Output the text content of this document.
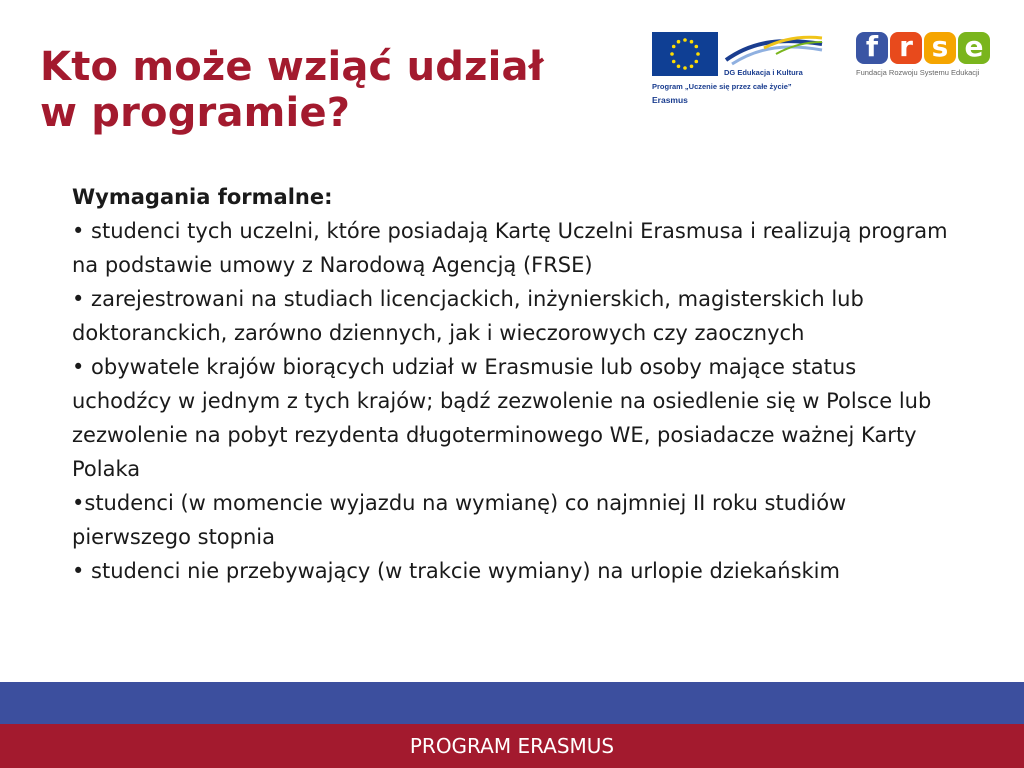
Kto może wziąć udział
w programie?
DG Edukacja i Kultura
Program „Uczenie się przez całe życie”
Erasmus
f r s e
Fundacja Rozwoju Systemu Edukacji

Wymagania formalne:

• studenci tych uczelni, które posiadają Kartę Uczelni Erasmusa i realizują program na podstawie umowy z Narodową Agencją (FRSE)

• zarejestrowani na studiach licencjackich, inżynierskich, magisterskich lub doktoranckich, zarówno dziennych, jak i wieczorowych czy zaocznych

• obywatele krajów biorących udział w Erasmusie lub osoby mające status uchodźcy w jednym z tych krajów; bądź zezwolenie na osiedlenie się w Polsce lub zezwolenie na pobyt rezydenta długoterminowego WE, posiadacze ważnej Karty Polaka

•studenci (w momencie wyjazdu na wymianę) co najmniej II roku studiów pierwszego stopnia

• studenci nie przebywający (w trakcie wymiany) na urlopie dziekańskim

PROGRAM ERASMUS
